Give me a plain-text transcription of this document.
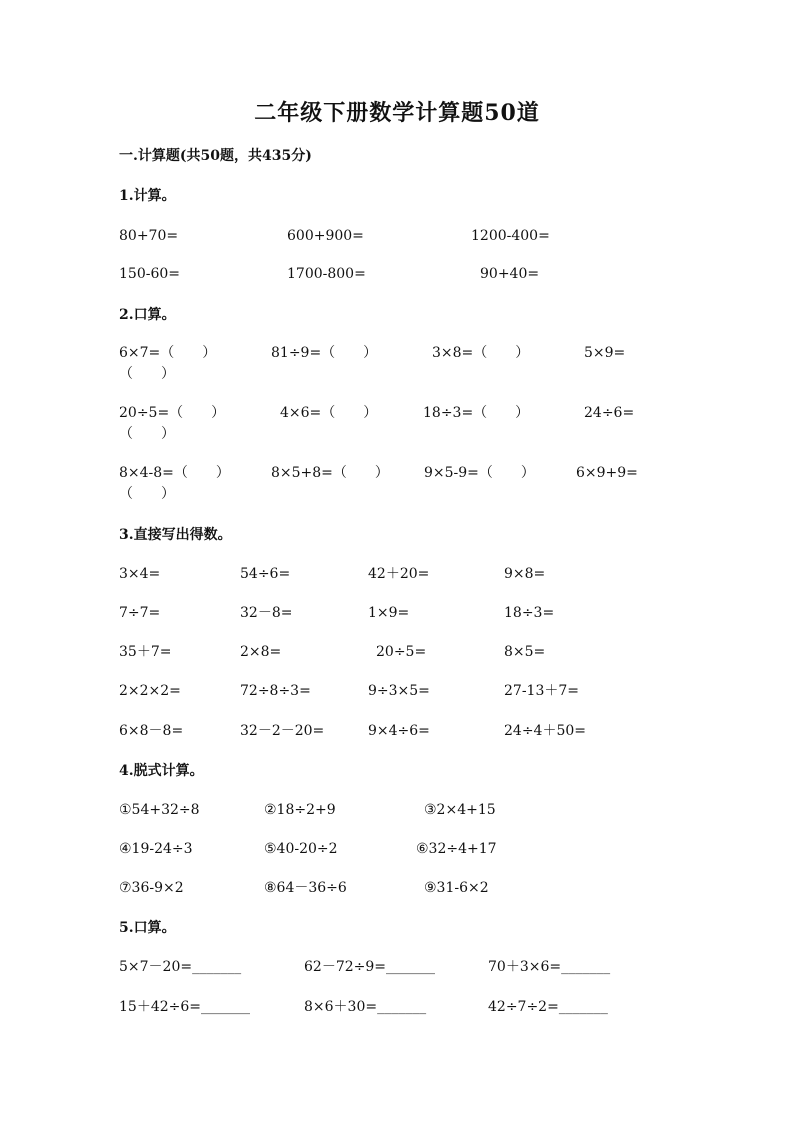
二年级下册数学计算题50道
一.计算题(共50题，共435分)
1.计算。
80+70=	600+900=	1200-400=
150-60=	1700-800=	90+40=
2.口算。
6×7=（　　）	81÷9=（　　）	3×8=（　　）	5×9=
（　　）
20÷5=（　　）	4×6=（　　）	18÷3=（　　）	24÷6=
（　　）
8×4-8=（　　）	8×5+8=（　　）	9×5-9=（　　）	6×9+9=
（　　）
3.直接写出得数。
3×4=	54÷6=	42＋20=	9×8=
7÷7=	32－8=	1×9=	18÷3=
35＋7=	2×8=	20÷5=	8×5=
2×2×2=	72÷8÷3=	9÷3×5=	27-13＋7=
6×8－8=	32－2－20=	9×4÷6=	24÷4＋50=
4.脱式计算。
①54+32÷8	②18÷2+9	③2×4+15
④19-24÷3	⑤40-20÷2	⑥32÷4+17
⑦36-9×2	⑧64－36÷6	⑨31-6×2
5.口算。
5×7－20=_______	62－72÷9=_______	70＋3×6=_______
15＋42÷6=_______	8×6＋30=_______	42÷7÷2=_______
